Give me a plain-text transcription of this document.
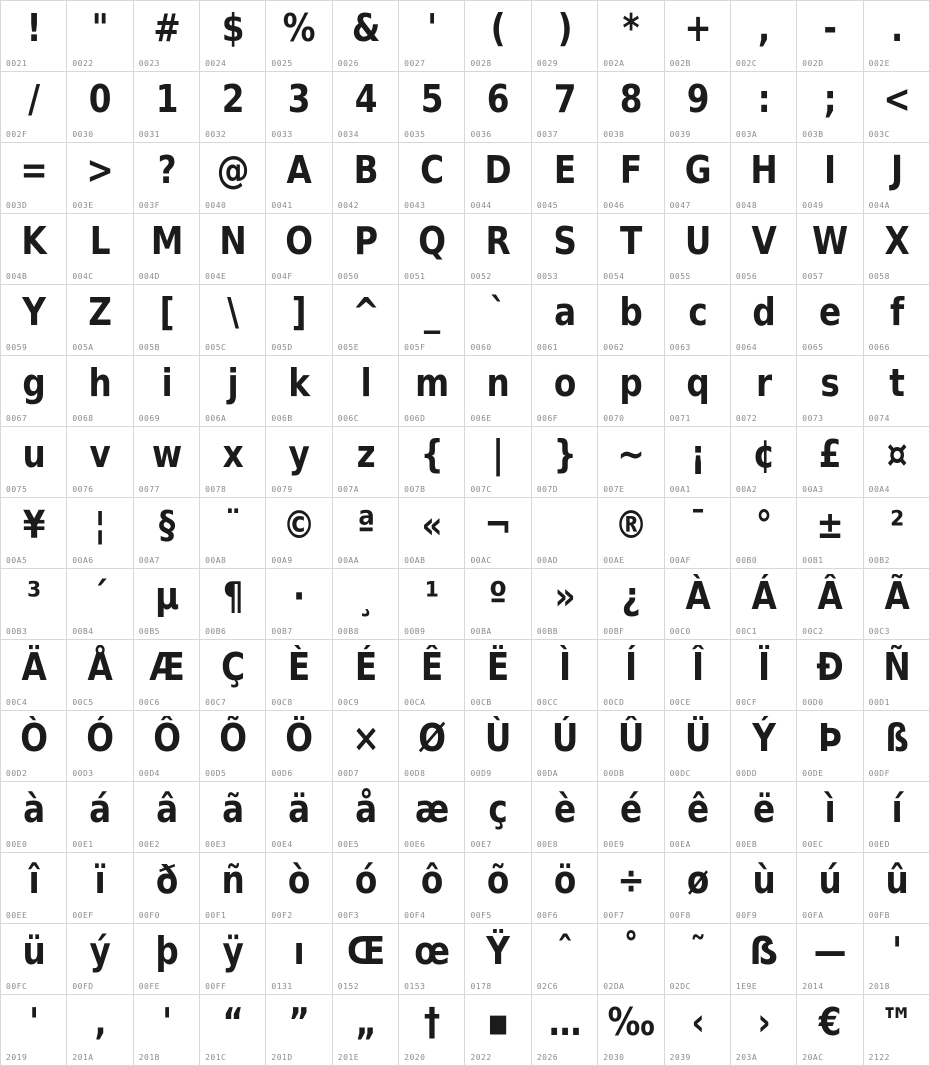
!
0021
"
0022
#
0023
$
0024
%
0025
&
0026
'
0027
(
0028
)
0029
*
002A
+
002B
,
002C
-
002D
.
002E
/
002F
0
0030
1
0031
2
0032
3
0033
4
0034
5
0035
6
0036
7
0037
8
0038
9
0039
:
003A
;
003B
<
003C
=
003D
>
003E
?
003F
@
0040
A
0041
B
0042
C
0043
D
0044
E
0045
F
0046
G
0047
H
0048
I
0049
J
004A
K
004B
L
004C
M
004D
N
004E
O
004F
P
0050
Q
0051
R
0052
S
0053
T
0054
U
0055
V
0056
W
0057
X
0058
Y
0059
Z
005A
[
005B
\
005C
]
005D
^
005E
_
005F
`
0060
a
0061
b
0062
c
0063
d
0064
e
0065
f
0066
g
0067
h
0068
i
0069
j
006A
k
006B
l
006C
m
006D
n
006E
o
006F
p
0070
q
0071
r
0072
s
0073
t
0074
u
0075
v
0076
w
0077
x
0078
y
0079
z
007A
{
007B
|
007C
}
007D
~
007E
¡
00A1
¢
00A2
£
00A3
¤
00A4
¥
00A5
¦
00A6
§
00A7
¨
00A8
©
00A9
ª
00AA
«
00AB
¬
00AC	00AD
®
00AE
¯
00AF
°
00B0
±
00B1
²
00B2
³
00B3
´
00B4
µ
00B5
¶
00B6
·
00B7
¸
00B8
¹
00B9
º
00BA
»
00BB
¿
00BF
À
00C0
Á
00C1
Â
00C2
Ã
00C3
Ä
00C4
Å
00C5
Æ
00C6
Ç
00C7
È
00C8
É
00C9
Ê
00CA
Ë
00CB
Ì
00CC
Í
00CD
Î
00CE
Ï
00CF
Ð
00D0
Ñ
00D1
Ò
00D2
Ó
00D3
Ô
00D4
Õ
00D5
Ö
00D6
×
00D7
Ø
00D8
Ù
00D9
Ú
00DA
Û
00DB
Ü
00DC
Ý
00DD
Þ
00DE
ß
00DF
à
00E0
á
00E1
â
00E2
ã
00E3
ä
00E4
å
00E5
æ
00E6
ç
00E7
è
00E8
é
00E9
ê
00EA
ë
00EB
ì
00EC
í
00ED
î
00EE
ï
00EF
ð
00F0
ñ
00F1
ò
00F2
ó
00F3
ô
00F4
õ
00F5
ö
00F6
÷
00F7
ø
00F8
ù
00F9
ú
00FA
û
00FB
ü
00FC
ý
00FD
þ
00FE
ÿ
00FF
ı
0131
Œ
0152
œ
0153
Ÿ
0178
ˆ
02C6
˚
02DA
˜
02DC
ẞ
1E9E
—
2014
'
2018
'
2019
‚
201A
'
201B
“
201C
”
201D
„
201E
†
2020
▪
2022
…
2026
‰
2030
‹
2039
›
203A
€
20AC
™
2122
